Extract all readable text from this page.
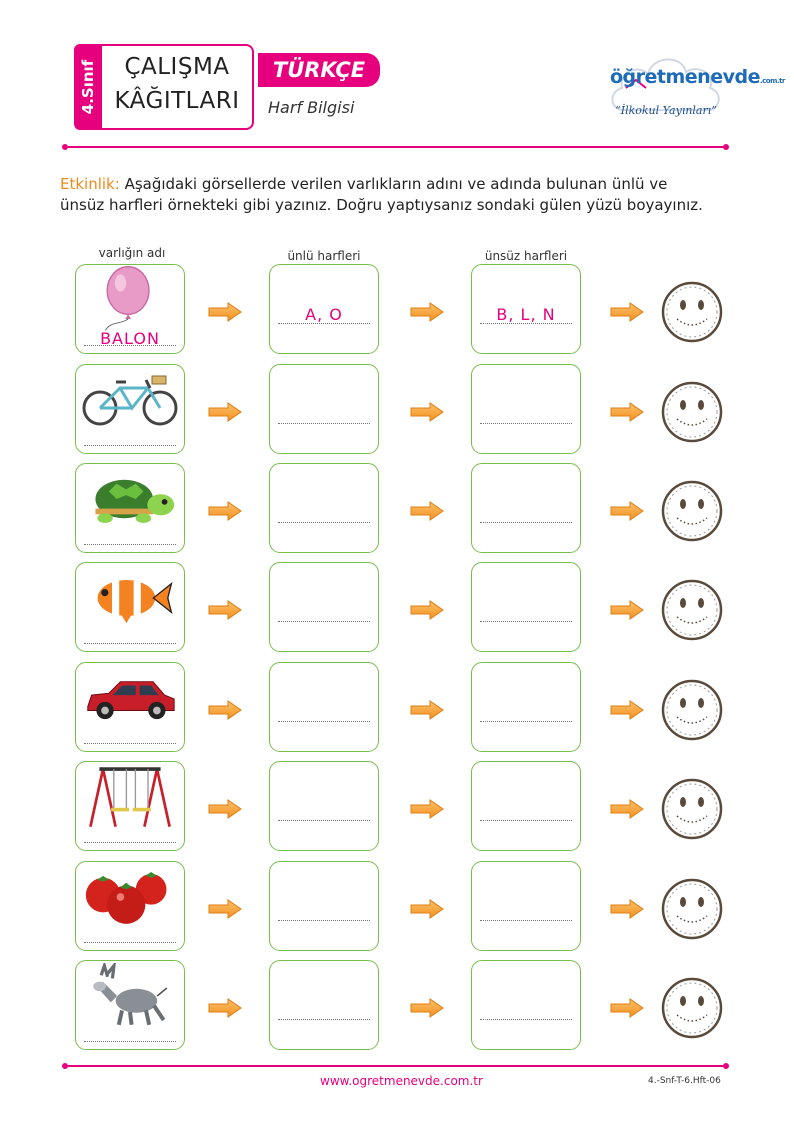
4.Sınıf	ÇALIŞMA
KÂĞITLARI
TÜRKÇE
Harf Bilgisi
öğretmenevde.com.tr
“İlkokul Yayınları”
Etkinlik: Aşağıdaki görsellerde verilen varlıkların adını ve adında bulunan ünlü ve ünsüz harfleri örnekteki gibi yazınız. Doğru yaptıysanız sondaki gülen yüzü boyayınız.
varlığın adı	ünlü harfleri	ünsüz harfleri
BALON
A, O	B, L, N
www.ogretmenevde.com.tr	4.-Snf-T-6.Hft-06
